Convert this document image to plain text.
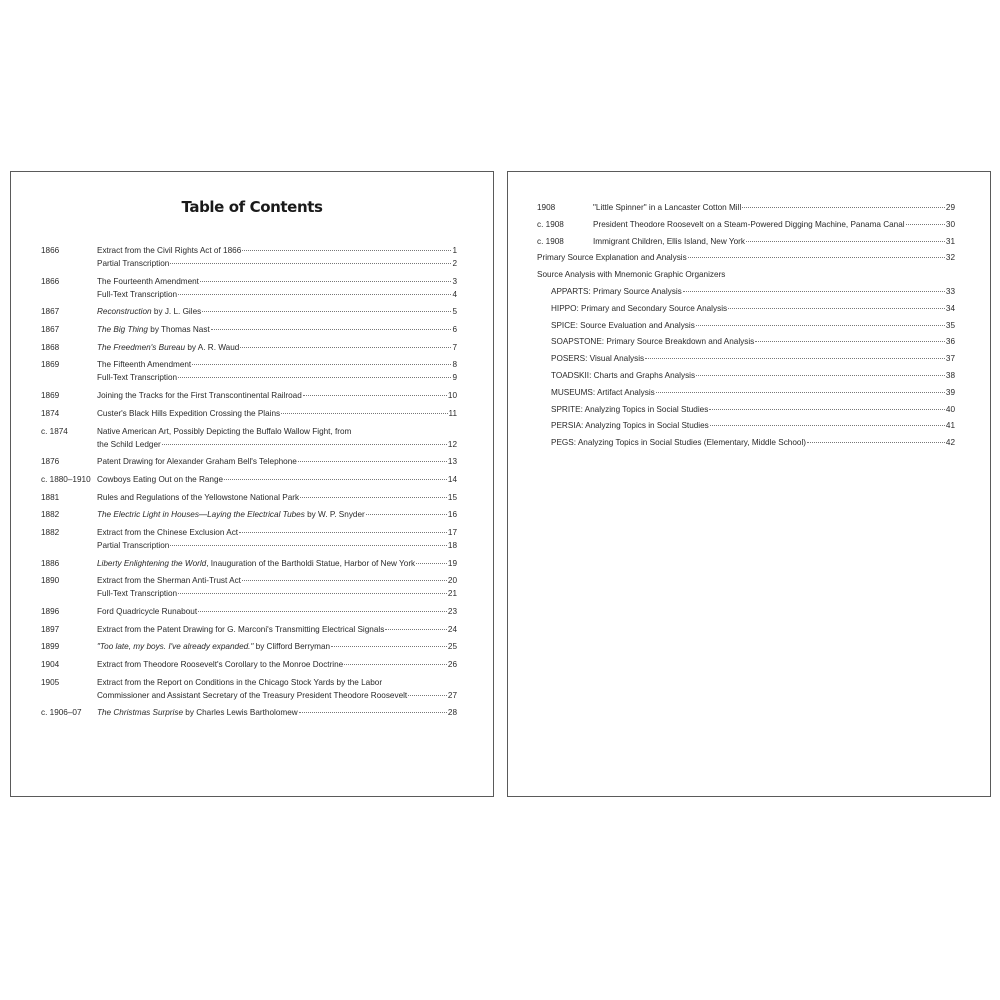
Table of Contents
1866	Extract from the Civil Rights Act of 1866	1
Partial Transcription	2
1866	The Fourteenth Amendment	3
Full-Text Transcription	4
1867	Reconstruction by J. L. Giles	5
1867	The Big Thing by Thomas Nast	6
1868	The Freedmen's Bureau by A. R. Waud	7
1869	The Fifteenth Amendment	8
Full-Text Transcription	9
1869	Joining the Tracks for the First Transcontinental Railroad	10
1874	Custer's Black Hills Expedition Crossing the Plains	11
c. 1874	Native American Art, Possibly Depicting the Buffalo Wallow Fight, from
the Schild Ledger	12
1876	Patent Drawing for Alexander Graham Bell's Telephone	13
c. 1880–1910 Cowboys Eating Out on the Range	14
1881	Rules and Regulations of the Yellowstone National Park	15
1882	The Electric Light in Houses—Laying the Electrical Tubes by W. P. Snyder	16
1882	Extract from the Chinese Exclusion Act	17
Partial Transcription	18
1886	Liberty Enlightening the World, Inauguration of the Bartholdi Statue, Harbor of New York	19
1890	Extract from the Sherman Anti-Trust Act	20
Full-Text Transcription	21
1896	Ford Quadricycle Runabout	23
1897	Extract from the Patent Drawing for G. Marconi's Transmitting Electrical Signals	24
1899	"Too late, my boys. I've already expanded." by Clifford Berryman	25
1904	Extract from Theodore Roosevelt's Corollary to the Monroe Doctrine	26
1905	Extract from the Report on Conditions in the Chicago Stock Yards by the Labor
Commissioner and Assistant Secretary of the Treasury President Theodore Roosevelt	27
c. 1906–07 The Christmas Surprise by Charles Lewis Bartholomew	28
1908	"Little Spinner" in a Lancaster Cotton Mill	29
c. 1908	President Theodore Roosevelt on a Steam-Powered Digging Machine, Panama Canal	30
c. 1908	Immigrant Children, Ellis Island, New York	31
Primary Source Explanation and Analysis	32
Source Analysis with Mnemonic Graphic Organizers
APPARTS: Primary Source Analysis	33
HIPPO: Primary and Secondary Source Analysis	34
SPICE: Source Evaluation and Analysis	35
SOAPSTONE: Primary Source Breakdown and Analysis	36
POSERS: Visual Analysis	37
TOADSKII: Charts and Graphs Analysis	38
MUSEUMS: Artifact Analysis	39
SPRITE: Analyzing Topics in Social Studies	40
PERSIA: Analyzing Topics in Social Studies	41
PEGS: Analyzing Topics in Social Studies (Elementary, Middle School)	42
